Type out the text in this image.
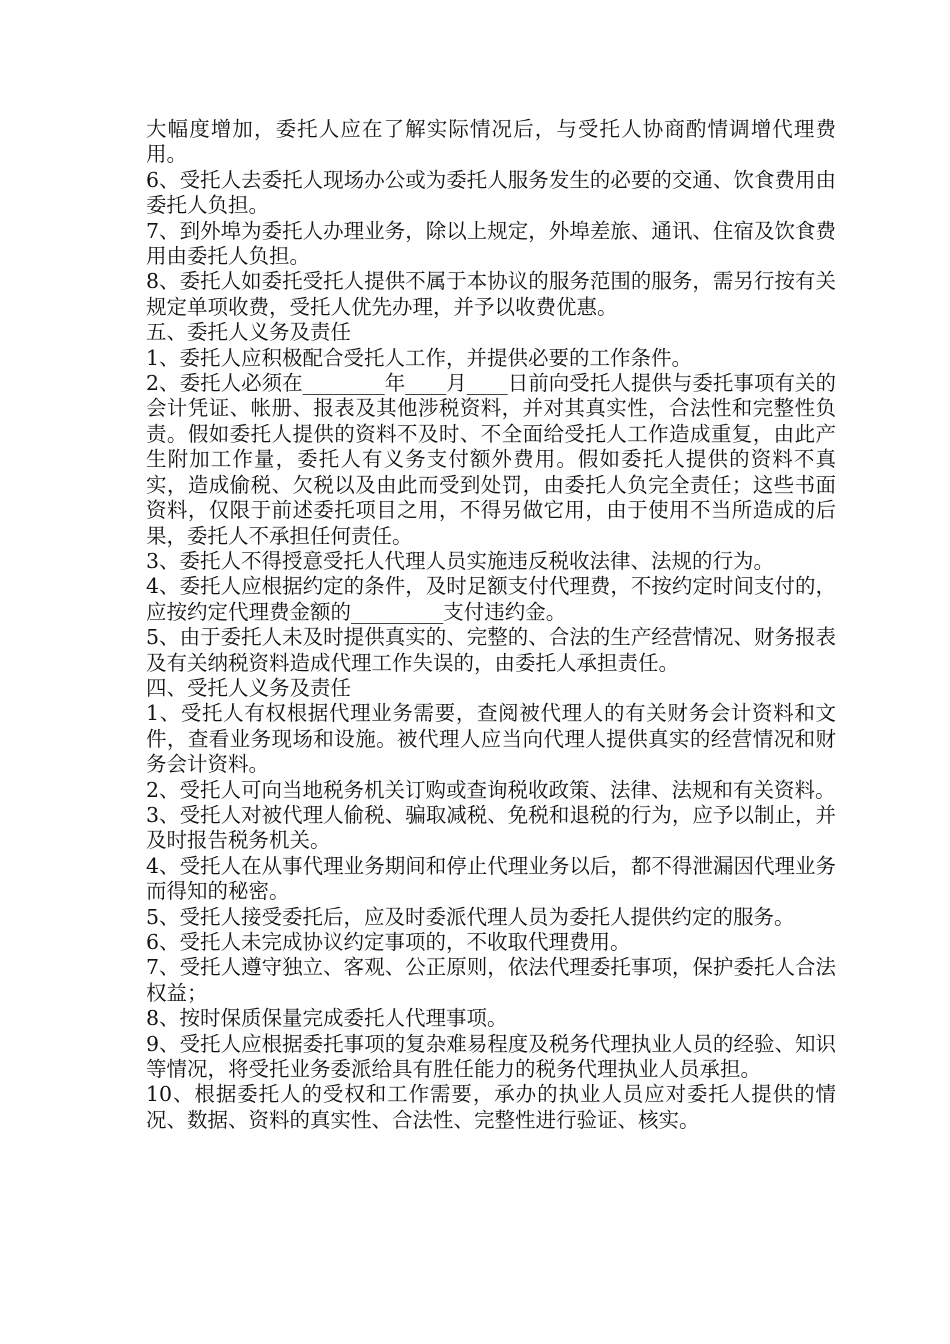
大幅度增加，委托人应在了解实际情况后，与受托人协商酌情调增代理费用。

6、受托人去委托人现场办公或为委托人服务发生的必要的交通、饮食费用由委托人负担。

7、到外埠为委托人办理业务，除以上规定，外埠差旅、通讯、住宿及饮食费用由委托人负担。

8、委托人如委托受托人提供不属于本协议的服务范围的服务，需另行按有关规定单项收费，受托人优先办理，并予以收费优惠。

五、委托人义务及责任

1、委托人应积极配合受托人工作，并提供必要的工作条件。

2、委托人必须在________年____月____日前向受托人提供与委托事项有关的会计凭证、帐册、报表及其他涉税资料，并对其真实性，合法性和完整性负责。假如委托人提供的资料不及时、不全面给受托人工作造成重复，由此产生附加工作量，委托人有义务支付额外费用。假如委托人提供的资料不真实，造成偷税、欠税以及由此而受到处罚，由委托人负完全责任；这些书面资料，仅限于前述委托项目之用，不得另做它用，由于使用不当所造成的后果，委托人不承担任何责任。

3、委托人不得授意受托人代理人员实施违反税收法律、法规的行为。

4、委托人应根据约定的条件，及时足额支付代理费，不按约定时间支付的，应按约定代理费金额的_________支付违约金。

5、由于委托人未及时提供真实的、完整的、合法的生产经营情况、财务报表及有关纳税资料造成代理工作失误的，由委托人承担责任。

四、受托人义务及责任

1、受托人有权根据代理业务需要，查阅被代理人的有关财务会计资料和文件，查看业务现场和设施。被代理人应当向代理人提供真实的经营情况和财务会计资料。

2、受托人可向当地税务机关订购或查询税收政策、法律、法规和有关资料。

3、受托人对被代理人偷税、骗取减税、免税和退税的行为，应予以制止，并及时报告税务机关。

4、受托人在从事代理业务期间和停止代理业务以后，都不得泄漏因代理业务而得知的秘密。

5、受托人接受委托后，应及时委派代理人员为委托人提供约定的服务。

6、受托人未完成协议约定事项的，不收取代理费用。

7、受托人遵守独立、客观、公正原则，依法代理委托事项，保护委托人合法权益；

8、按时保质保量完成委托人代理事项。

9、受托人应根据委托事项的复杂难易程度及税务代理执业人员的经验、知识等情况，将受托业务委派给具有胜任能力的税务代理执业人员承担。

10、根据委托人的受权和工作需要，承办的执业人员应对委托人提供的情况、数据、资料的真实性、合法性、完整性进行验证、核实。
